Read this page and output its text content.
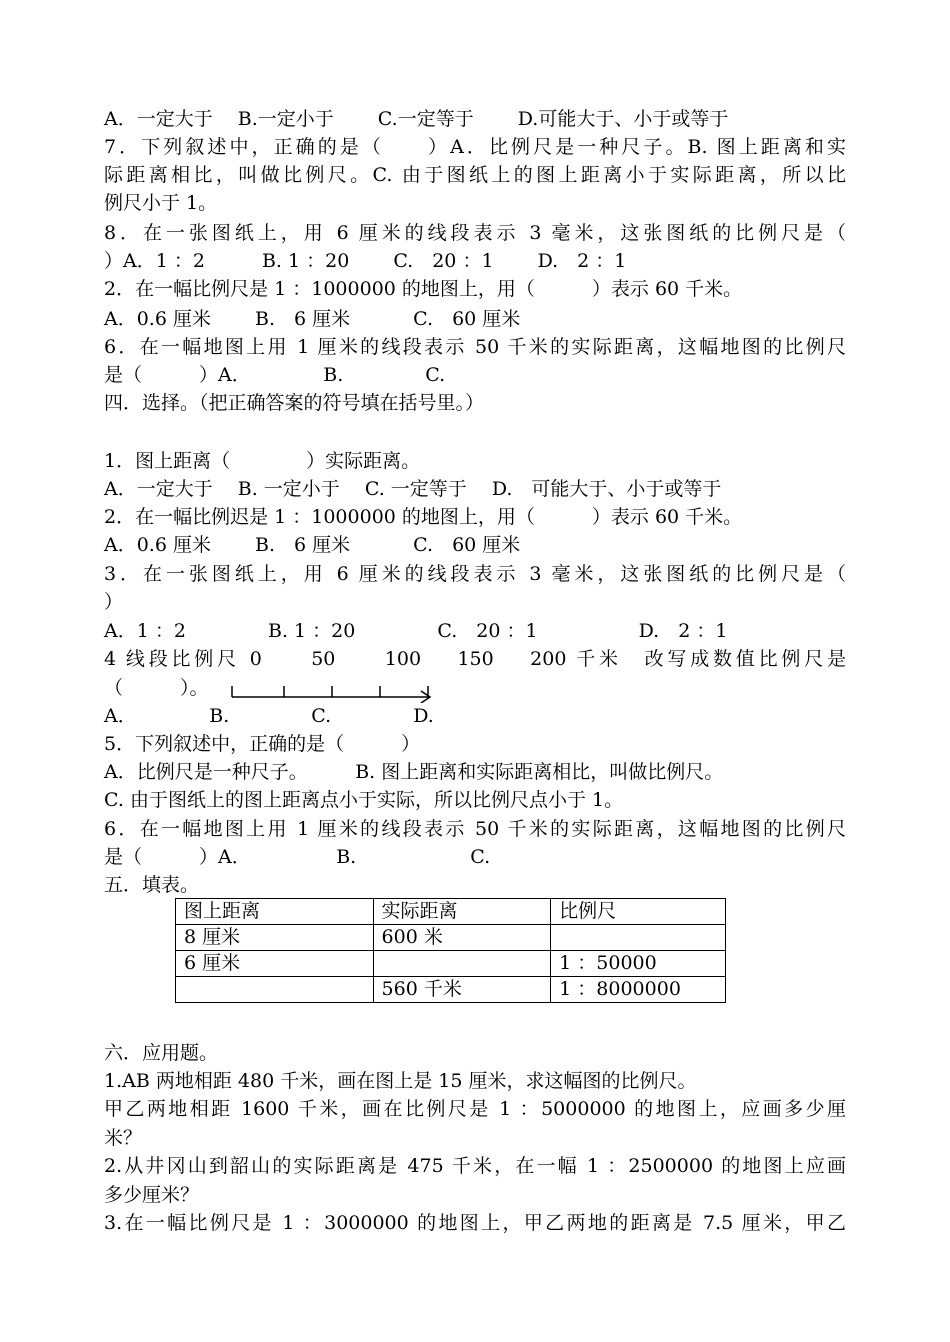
A．一定大于　 B.一定小于　　 C.一定等于　　 D.可能大于、小于或等于
7．下列叙述中，正确的是（　　）A．比例尺是一种尺子。B. 图上距离和实
际距离相比，叫做比例尺。C. 由于图纸上的图上距离小于实际距离，所以比
例尺小于 1。
8．在一张图纸上，用 6 厘米的线段表示 3 毫米，这张图纸的比例尺是（
）A．1 ：2　　　B. 1 ：20　　 C.　20 ：1　　 D.　2 ：1
2．在一幅比例尺是 1 ：1000000 的地图上，用（　　　）表示 60 千米。
A．0.6 厘米　　 B.　6 厘米　　　 C.　60 厘米
6．在一幅地图上用 1 厘米的线段表示 50 千米的实际距离，这幅地图的比例尺
是（　　　）A．　　　　 B.　　　　 C.
四．选择。（把正确答案的符号填在括号里。）
1．图上距离（　　　　）实际距离。
A．一定大于　 B. 一定小于　 C. 一定等于　 D.　可能大于、小于或等于
2．在一幅比例迟是 1 ：1000000 的地图上，用（　　　）表示 60 千米。
A．0.6 厘米　　 B.　6 厘米　　　 C.　60 厘米
3．在一张图纸上，用 6 厘米的线段表示 3 毫米，这张图纸的比例尺是（
）
A．1 ：2　　　　 B. 1 ：20　　　　 C.　20 ：1　　　　　 D.　2 ：1
4 线段比例尺 0　　50　　100　 150　 200 千米　改写成数值比例尺是
（　　　）。
A．　　　　 B.　　　　 C.　　　　 D.
5．下列叙述中，正确的是（　　　）
A．比例尺是一种尺子。　　　B. 图上距离和实际距离相比，叫做比例尺。
C. 由于图纸上的图上距离点小于实际，所以比例尺点小于 1。
6．在一幅地图上用 1 厘米的线段表示 50 千米的实际距离，这幅地图的比例尺
是（　　　）A．　　　　　B.　　　　　　C.
五．填表。
图上距离	实际距离	比例尺
8 厘米	600 米	
6 厘米		1 ：50000
	560 千米	1 ：8000000
六．应用题。
1.AB 两地相距 480 千米，画在图上是 15 厘米，求这幅图的比例尺。
甲乙两地相距 1600 千米，画在比例尺是 1 ：5000000 的地图上，应画多少厘
米？
2.从井冈山到韶山的实际距离是 475 千米，在一幅 1 ：2500000 的地图上应画
多少厘米？
3.在一幅比例尺是 1 ：3000000 的地图上，甲乙两地的距离是 7.5 厘米，甲乙
